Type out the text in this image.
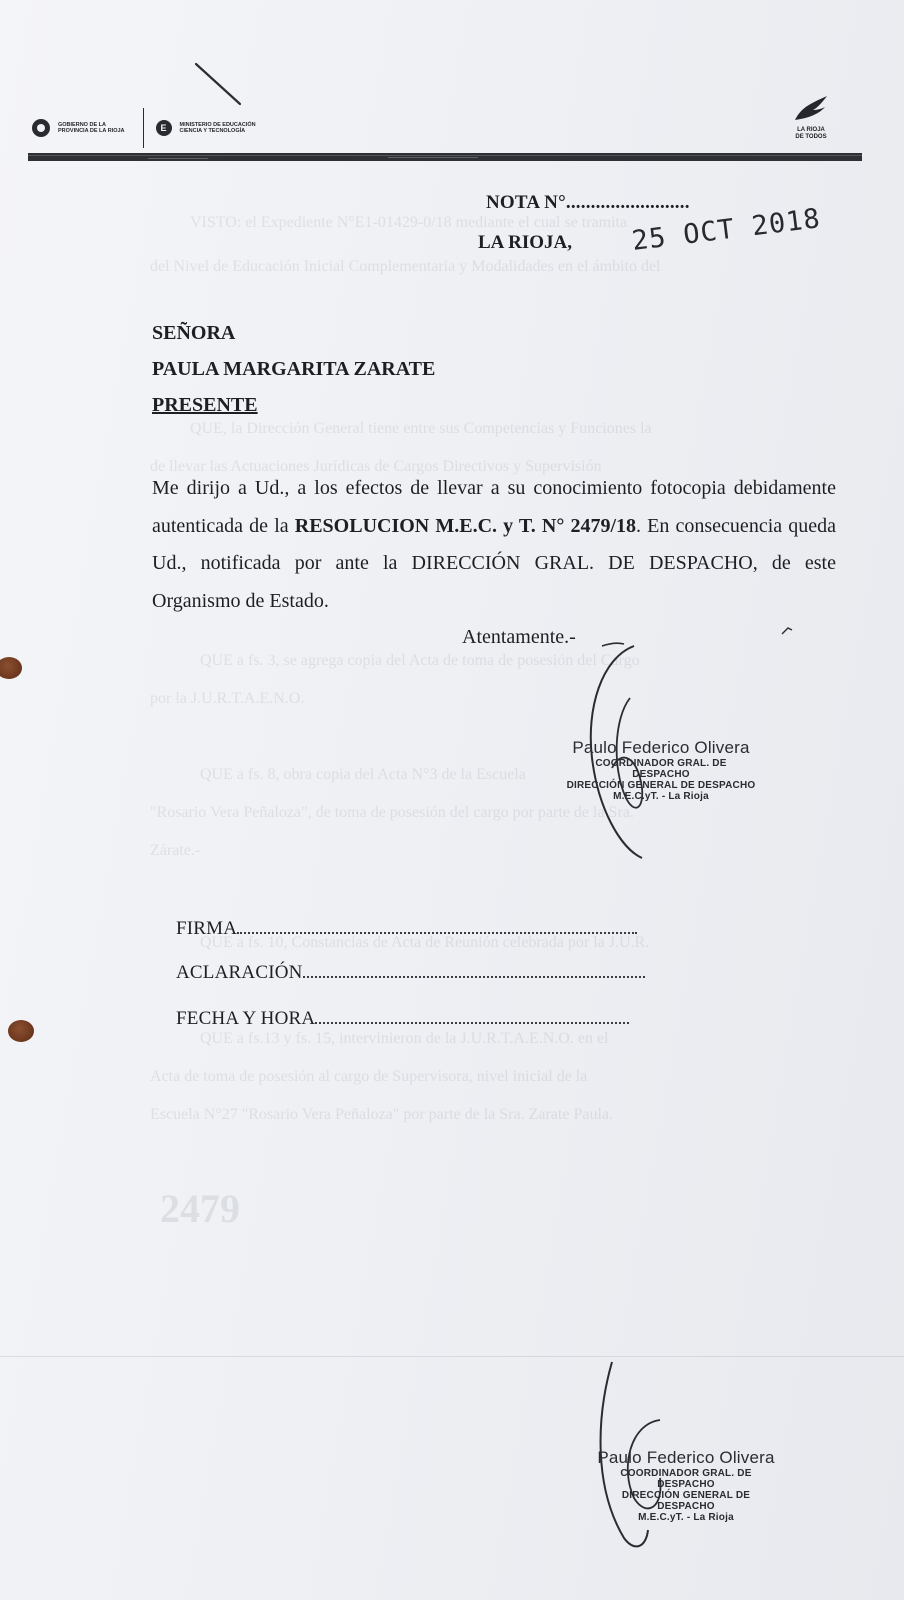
VISTO: el Expediente N°E1-01429-0/18 mediante el cual se tramita
del Nivel de Educación Inicial Complementaria y Modalidades en el ámbito del
QUE, la Dirección General tiene entre sus Competencias y Funciones la
de llevar las Actuaciones Jurídicas de Cargos Directivos y Supervisión
QUE a fs. 3, se agrega copia del Acta de toma de posesión del Cargo
por la J.U.R.T.A.E.N.O.
QUE a fs. 8, obra copia del Acta N°3 de la Escuela
"Rosario Vera Peñaloza", de toma de posesión del cargo por parte de la Sra.
Zárate.-
QUE a fs. 10, Constancias de Acta de Reunión celebrada por la J.U.R.
QUE a fs.13 y fs. 15, intervinieron de la J.U.R.T.A.E.N.O. en el
Acta de toma de posesión al cargo de Supervisora, nivel inicial de la
Escuela N°27 "Rosario Vera Peñaloza" por parte de la Sra. Zarate Paula.
2479
GOBIERNO DE LA
PROVINCIA DE LA RIOJA	E	MINISTERIO DE EDUCACIÓN
CIENCIA Y TECNOLOGÍA	LA RIOJA
DE TODOS
NOTA N°.........................
LA RIOJA, 25 OCT 2018
SEÑORA
PAULA MARGARITA ZARATE
PRESENTE
Me dirijo a Ud., a los efectos de llevar a su conocimiento fotocopia debidamente autenticada de la RESOLUCION M.E.C. y T. N° 2479/18. En consecuencia queda Ud., notificada por ante la DIRECCIÓN GRAL. DE DESPACHO, de este Organismo de Estado.
Atentamente.-
Paulo Federico Olivera
COORDINADOR GRAL. DE DESPACHO
DIRECCIÓN GENERAL DE DESPACHO
M.E.C.yT. - La Rioja
FIRMA
ACLARACIÓN
FECHA Y HORA
Paulo Federico Olivera
COORDINADOR GRAL. DE DESPACHO
DIRECCIÓN GENERAL DE DESPACHO
M.E.C.yT. - La Rioja
